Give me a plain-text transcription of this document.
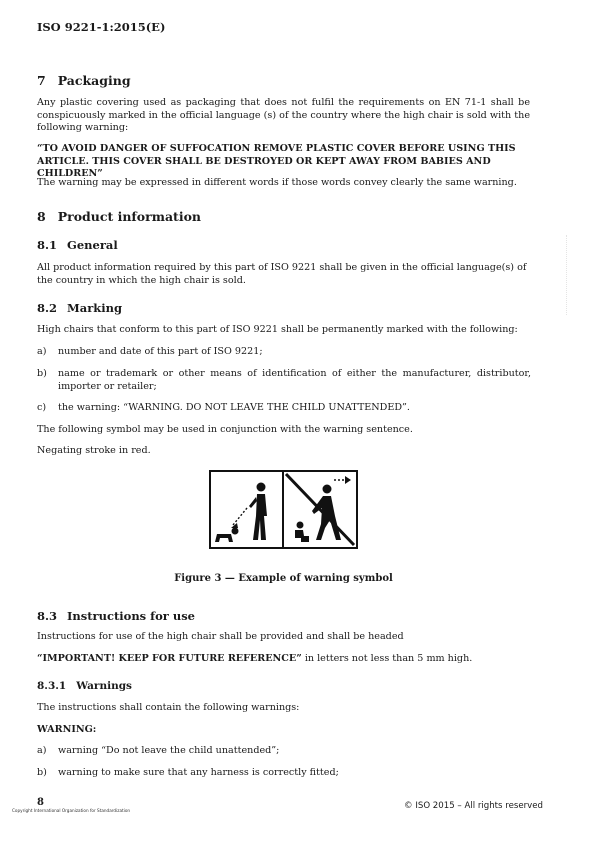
ISO 9221-1:2015(E)
7 Packaging

Any plastic covering used as packaging that does not fulfil the requirements on EN 71-1 shall be conspicuously marked in the official language (s) of the country where the high chair is sold with the following warning:

“TO AVOID DANGER OF SUFFOCATION REMOVE PLASTIC COVER BEFORE USING THIS ARTICLE. THIS COVER SHALL BE DESTROYED OR KEPT AWAY FROM BABIES AND CHILDREN”

The warning may be expressed in different words if those words convey clearly the same warning.

8 Product information
8.1 General

All product information required by this part of ISO 9221 shall be given in the official language(s) of the country in which the high chair is sold.

8.2 Marking

High chairs that conform to this part of ISO 9221 shall be permanently marked with the following:

a) number and date of this part of ISO 9221;
b) name or trademark or other means of identification of either the manufacturer, distributor, importer or retailer;
c) the warning: “WARNING. DO NOT LEAVE THE CHILD UNATTENDED”.

The following symbol may be used in conjunction with the warning sentence.

Negating stroke in red.

Figure 3 — Example of warning symbol
8.3 Instructions for use

Instructions for use of the high chair shall be provided and shall be headed

“IMPORTANT! KEEP FOR FUTURE REFERENCE” in letters not less than 5 mm high.

8.3.1 Warnings

The instructions shall contain the following warnings:

WARNING:

a) warning “Do not leave the child unattended”;
b) warning to make sure that any harness is correctly fitted;
8
Copyright International Organization for Standardization	© ISO 2015 – All rights reserved
